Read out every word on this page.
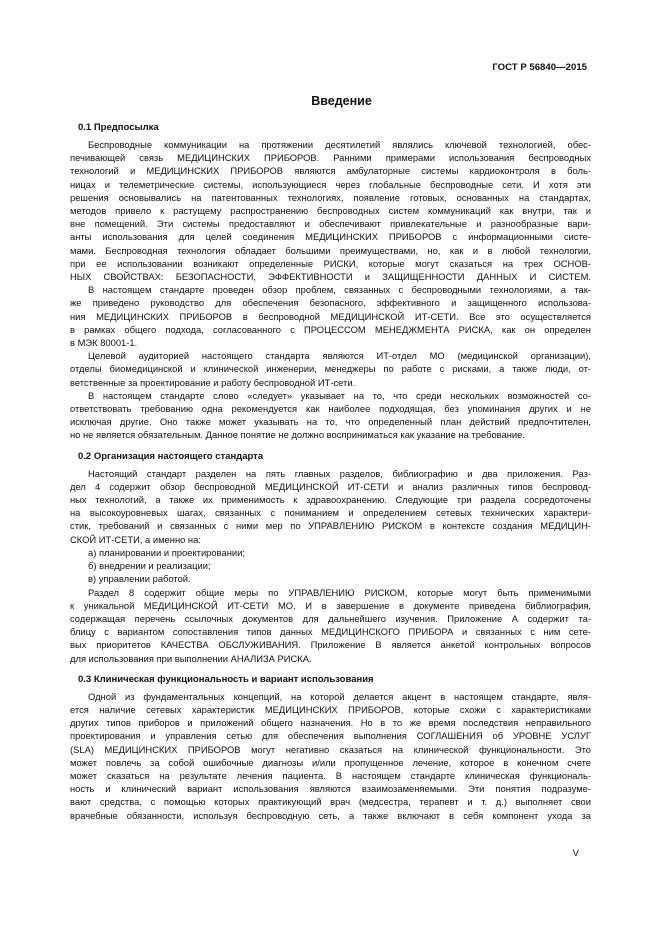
ГОСТ Р 56840—2015
Введение
0.1 Предпосылка
Беспроводные коммуникации на протяжении десятилетий являлись ключевой технологией, обес-
печивающей связь МЕДИЦИНСКИХ ПРИБОРОВ. Ранними примерами использования беспроводных
технологий и МЕДИЦИНСКИХ ПРИБОРОВ являются амбулаторные системы кардиоконтроля в боль-
ницах и телеметрические системы, использующиеся через глобальные беспроводные сети. И хотя эти
решения основывались на патентованных технологиях, появление готовых, основанных на стандартах,
методов привело к растущему распространению беспроводных систем коммуникаций как внутри, так и
вне помещений. Эти системы предоставляют и обеспечивают привлекательные и разнообразные вари-
анты использования для целей соединения МЕДИЦИНСКИХ ПРИБОРОВ с информационными систе-
мами. Беспроводная технология обладает большими преимуществами, но, как и в любой технологии,
при ее использовании возникают определенные РИСКИ, которые могут сказаться на трех ОСНОВ-
НЫХ СВОЙСТВАХ: БЕЗОПАСНОСТИ, ЭФФЕКТИВНОСТИ и ЗАЩИЩЕННОСТИ ДАННЫХ И СИСТЕМ.
В настоящем стандарте проведен обзор проблем, связанных с беспроводными технологиями, а так-
же приведено руководство для обеспечения безопасного, эффективного и защищенного использова-
ния МЕДИЦИНСКИХ ПРИБОРОВ в беспроводной МЕДИЦИНСКОЙ ИТ-СЕТИ. Все это осуществляется
в рамках общего подхода, согласованного с ПРОЦЕССОМ МЕНЕДЖМЕНТА РИСКА, как он определен
в МЭК 80001-1.
Целевой аудиторией настоящего стандарта являются ИТ-отдел МО (медицинской организации),
отделы биомедицинской и клинической инженерии, менеджеры по работе с рисками, а также люди, от-
ветственные за проектирование и работу беспроводной ИТ-сети.
В настоящем стандарте слово «следует» указывает на то, что среди нескольких возможностей со-
ответствовать требованию одна рекомендуется как наиболее подходящая, без упоминания других и не
исключая другие. Оно также может указывать на то, что определенный план действий предпочтителен,
но не является обязательным. Данное понятие не должно восприниматься как указание на требование.
0.2 Организация настоящего стандарта
Настоящий стандарт разделен на пять главных разделов, библиографию и два приложения. Раз-
дел 4 содержит обзор беспроводной МЕДИЦИНСКОЙ ИТ-СЕТИ и анализ различных типов беспровод-
ных технологий, а также их применимость к здравоохранению. Следующие три раздела сосредоточены
на высокоуровневых шагах, связанных с пониманием и определением сетевых технических характери-
стик, требований и связанных с ними мер по УПРАВЛЕНИЮ РИСКОМ в контексте создания МЕДИЦИН-
СКОЙ ИТ-СЕТИ, а именно на:
а) планировании и проектировании;
б) внедрении и реализации;
в) управлении работой.
Раздел 8 содержит общие меры по УПРАВЛЕНИЮ РИСКОМ, которые могут быть применимыми
к уникальной МЕДИЦИНСКОЙ ИТ-СЕТИ МО. И в завершение в документе приведена библиография,
содержащая перечень ссылочных документов для дальнейшего изучения. Приложение А содержит та-
блицу с вариантом сопоставления типов данных МЕДИЦИНСКОГО ПРИБОРА и связанных с ним сете-
вых приоритетов КАЧЕСТВА ОБСЛУЖИВАНИЯ. Приложение В является анкетой контрольных вопросов
для использования при выполнении АНАЛИЗА РИСКА.
0.3 Клиническая функциональность и вариант использования
Одной из фундаментальных концепций, на которой делается акцент в настоящем стандарте, явля-
ется наличие сетевых характеристик МЕДИЦИНСКИХ ПРИБОРОВ, которые схожи с характеристиками
других типов приборов и приложений общего назначения. Но в то же время последствия неправильного
проектирования и управления сетью для обеспечения выполнения СОГЛАШЕНИЯ об УРОВНЕ УСЛУГ
(SLA) МЕДИЦИНСКИХ ПРИБОРОВ могут негативно сказаться на клинической функциональности. Это
может повлечь за собой ошибочные диагнозы и/или пропущенное лечение, которое в конечном счете
может сказаться на результате лечения пациента. В настоящем стандарте клиническая функциональ-
ность и клинический вариант использования являются взаимозаменяемыми. Эти понятия подразуме-
вают средства, с помощью которых практикующий врач (медсестра, терапевт и т. д.) выполняет свои
врачебные обязанности, используя беспроводную сеть, а также включают в себя компонент ухода за
V
